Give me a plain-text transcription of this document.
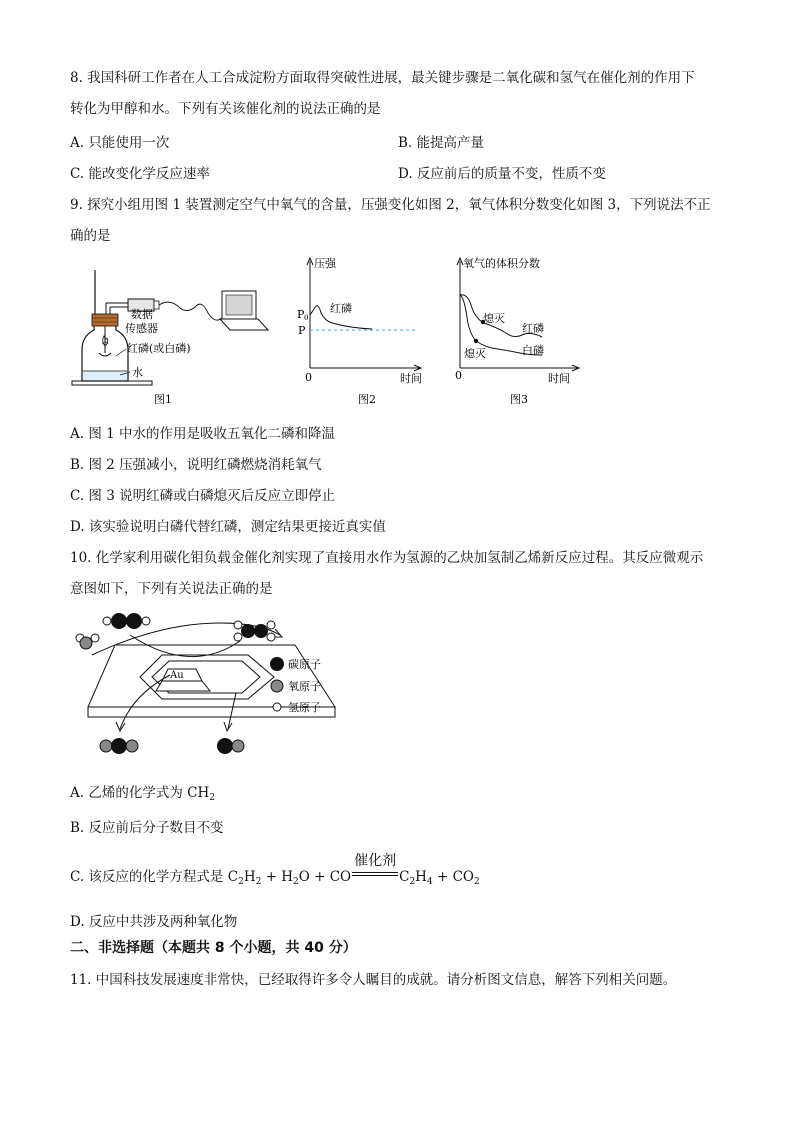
8. 我国科研工作者在人工合成淀粉方面取得突破性进展，最关键步骤是二氧化碳和氢气在催化剂的作用下
转化为甲醇和水。下列有关该催化剂的说法正确的是
A. 只能使用一次	B. 能提高产量
C. 能改变化学反应速率	D. 反应前后的质量不变，性质不变
9. 探究小组用图 1 装置测定空气中氧气的含量，压强变化如图 2，氧气体积分数变化如图 3，下列说法不正
确的是
数据
传感器
红磷(或白磷)
水
图1
压强
时间
0
P 0
P
红磷
图2
氧气的体积分数
时间
0
熄灭
熄灭
红磷
白磷
图3
A. 图 1 中水的作用是吸收五氧化二磷和降温
B. 图 2 压强减小，说明红磷燃烧消耗氧气
C. 图 3 说明红磷或白磷熄灭后反应立即停止
D. 该实验说明白磷代替红磷，测定结果更接近真实值
10. 化学家利用碳化钼负载金催化剂实现了直接用水作为氢源的乙炔加氢制乙烯新反应过程。其反应微观示
意图如下，下列有关说法正确的是
Au
碳原子
氧原子
氢原子
A. 乙烯的化学式为 $CH_2$
B. 反应前后分子数目不变
C. 该反应的化学方程式是 $C_2H_2 + H_2O$ + CO
催化剂
$C_2H_4 + CO_2$
D. 反应中共涉及两种氧化物
二、非选择题（本题共 8 个小题，共 40 分）
11. 中国科技发展速度非常快，已经取得许多令人瞩目的成就。请分析图文信息，解答下列相关问题。
